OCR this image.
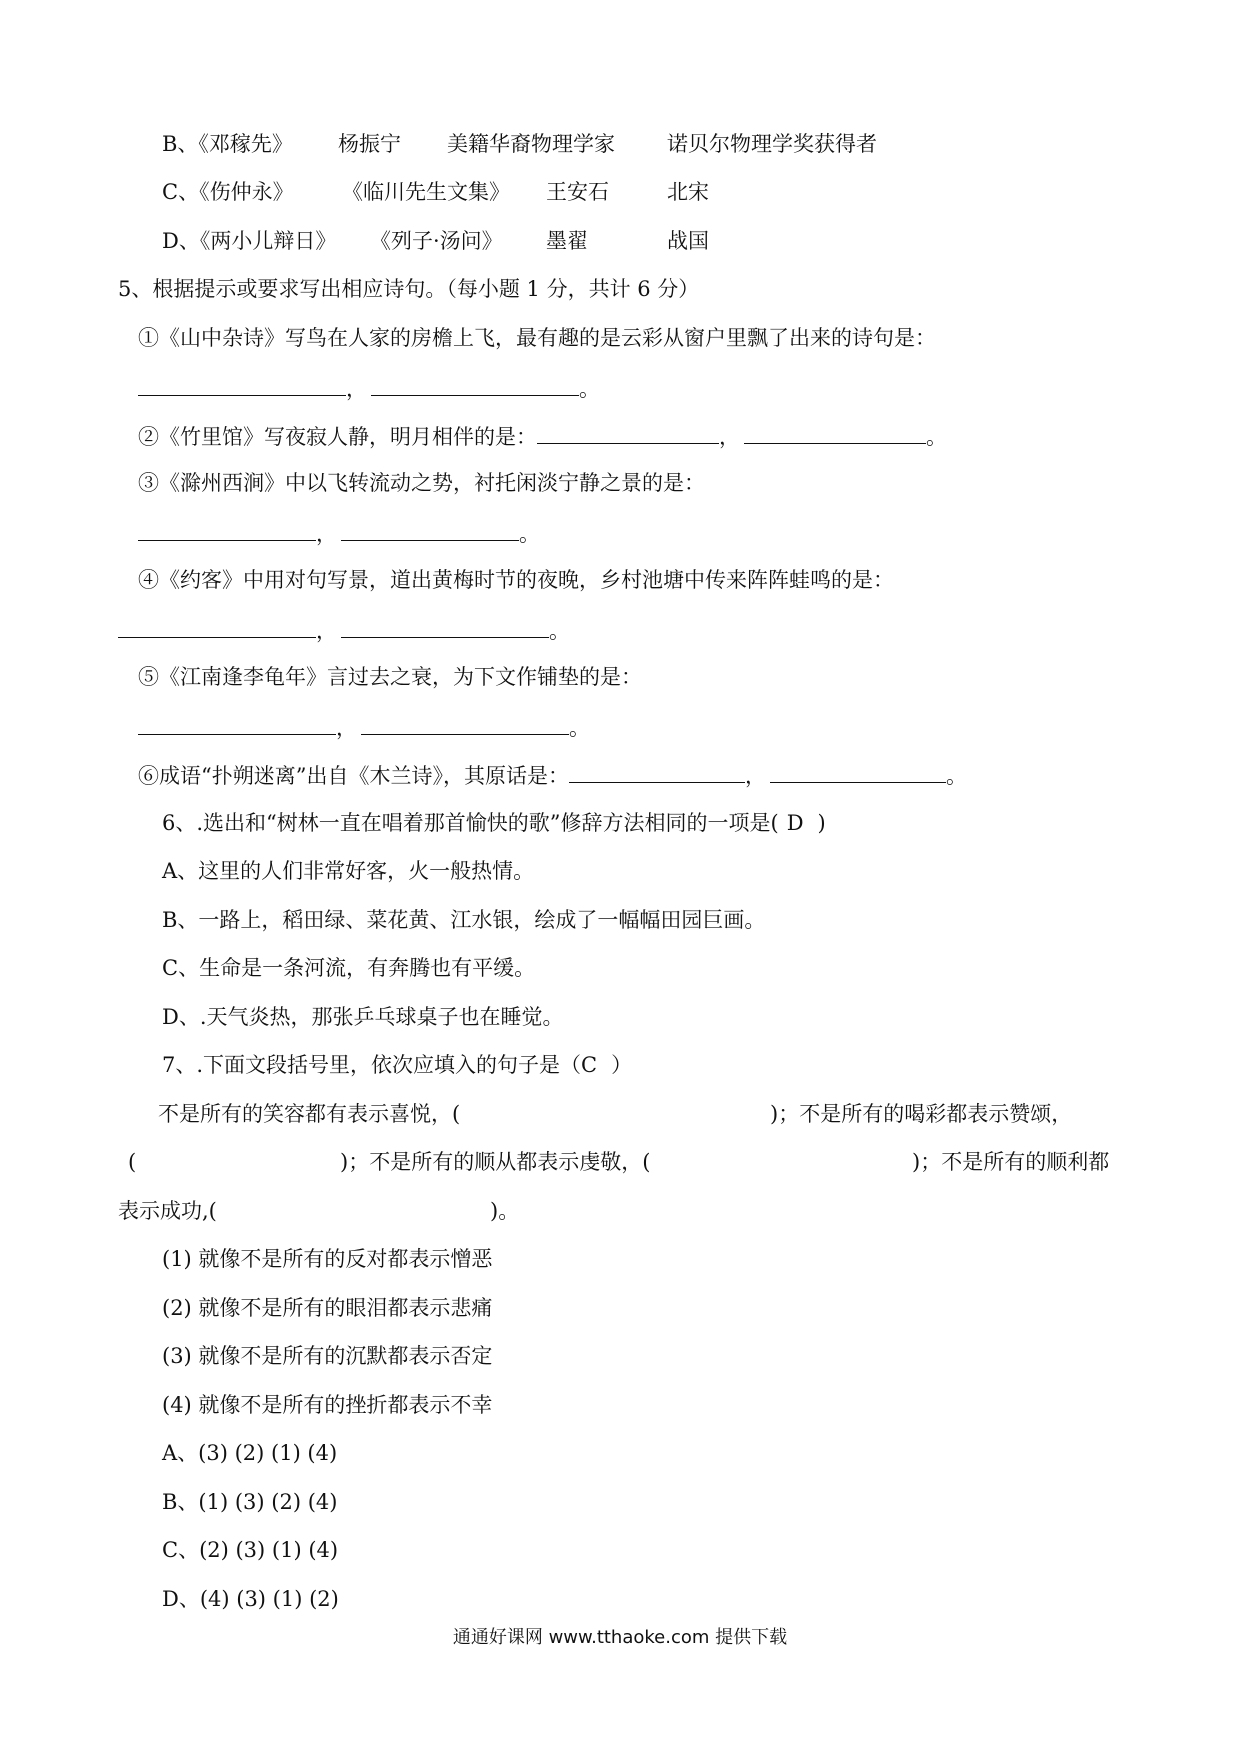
B、《邓稼先》 杨振宁 美籍华裔物理学家 诺贝尔物理学奖获得者
C、《伤仲永》 《临川先生文集》 王安石	北宋
D、《两小儿辩日》 《列子·汤问》 墨翟	战国
5、根据提示或要求写出相应诗句。（每小题 1 分，共计 6 分）
①《山中杂诗》写鸟在人家的房檐上飞，最有趣的是云彩从窗户里飘了出来的诗句是：
，	。
②《竹里馆》写夜寂人静，明月相伴的是：	，	。
③《滁州西涧》中以飞转流动之势，衬托闲淡宁静之景的是：
，	。
④《约客》中用对句写景，道出黄梅时节的夜晚，乡村池塘中传来阵阵蛙鸣的是：
，	。
⑤《江南逢李龟年》言过去之衰，为下文作铺垫的是：
，	。
⑥成语“扑朔迷离”出自《木兰诗》，其原话是：	，	。
6、.选出和“树林一直在唱着那首愉快的歌”修辞方法相同的一项是( D )
A、这里的人们非常好客，火一般热情。
B、一路上，稻田绿、菜花黄、江水银，绘成了一幅幅田园巨画。
C、生命是一条河流，有奔腾也有平缓。
D、.天气炎热，那张乒乓球桌子也在睡觉。
7、.下面文段括号里，依次应填入的句子是（C ）
不是所有的笑容都有表示喜悦，(	)；不是所有的喝彩都表示赞颂，
(	)；不是所有的顺从都表示虔敬，(	)；不是所有的顺利都
表示成功,(	)。
(1) 就像不是所有的反对都表示憎恶
(2) 就像不是所有的眼泪都表示悲痛
(3) 就像不是所有的沉默都表示否定
(4) 就像不是所有的挫折都表示不幸
A、(3) (2) (1) (4)
B、(1) (3) (2) (4)
C、(2) (3) (1) (4)
D、(4) (3) (1) (2)
通通好课网 www.tthaoke.com 提供下载
